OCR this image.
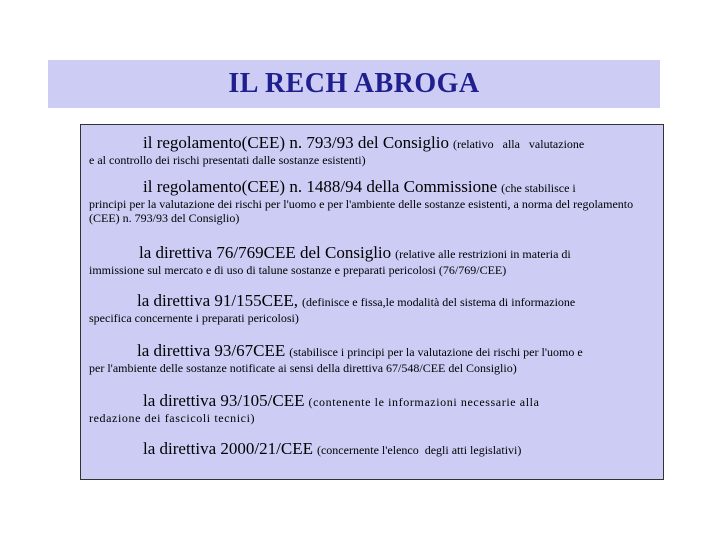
IL RECH ABROGA
il regolamento(CEE) n. 793/93 del Consiglio (relativo   alla   valutazione
e al controllo dei rischi presentati dalle sostanze esistenti)
il regolamento(CEE) n. 1488/94 della Commissione (che stabilisce i
principi per la valutazione dei rischi per l'uomo e per l'ambiente delle sostanze esistenti, a norma del regolamento (CEE) n. 793/93 del Consiglio)
la direttiva 76/769CEE del Consiglio (relative alle restrizioni in materia di
immissione sul mercato e di uso di talune sostanze e preparati pericolosi (76/769/CEE)
la direttiva 91/155CEE, (definisce e fissa,le modalità del sistema di informazione
specifica concernente i preparati pericolosi)
la direttiva 93/67CEE (stabilisce i principi per la valutazione dei rischi per l'uomo e
per l'ambiente delle sostanze notificate ai sensi della direttiva 67/548/CEE del Consiglio)
la direttiva 93/105/CEE (contenente le informazioni necessarie alla
redazione dei fascicoli tecnici)
la direttiva 2000/21/CEE (concernente l'elenco  degli atti legislativi)
